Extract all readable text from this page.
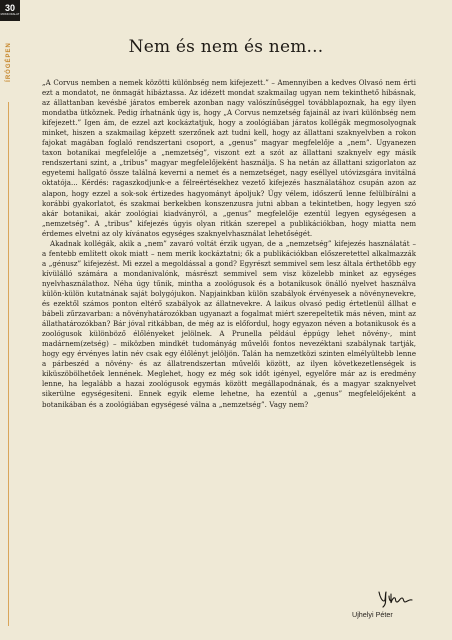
30
MOKKODALAT
ÍRÓGÉPEN	Nem és nem és nem...

„A Corvus nemben a nemek közötti különbség nem kifejezett.” – Amennyiben a kedves Olvasó nem érti ezt a mondatot, ne önmagát hibáztassa. Az idézett mondat szakmailag ugyan nem tekinthető hibásnak, az állattanban kevésbé járatos emberek azonban nagy valószínűséggel továbblapoznak, ha egy ilyen mondatba ütköznek. Pedig írhatnánk úgy is, hogy „A Corvus nemzetség fajainál az ivari különbség nem kifejezett.” Igen ám, de ezzel azt kockáztatjuk, hogy a zoológiában járatos kollégák megmosolyognak minket, hiszen a szakmailag képzett szerzőnek azt tudni kell, hogy az állattani szaknyelvben a rokon fajokat magában foglaló rendszertani csoport, a „genus” magyar megfelelője a „nem”. Ugyanezen taxon botanikai megfelelője a „nemzetség”, viszont ezt a szót az állattani szaknyelv egy másik rendszertani szint, a „tribus” magyar megfelelőjeként használja. S ha netán az állattani szigorlaton az egyetemi hallgató össze találná keverni a nemet és a nemzetséget, nagy eséllyel utóvizsgára invitálná oktatója... Kérdés: ragaszkodjunk-e a félreértésekhez vezető kifejezés használatához csupán azon az alapon, hogy ezzel a sok-sok értizedes hagyományt ápoljuk? Úgy vélem, időszerű lenne felülbírálni a korábbi gyakorlatot, és szakmai berkekben konszenzusra jutni abban a tekintetben, hogy legyen szó akár botanikai, akár zoológiai kiadványról, a „genus” megfelelője ezentúl legyen egységesen a „nemzetség”. A „tribus” kifejezés úgyis olyan ritkán szerepel a publikációkban, hogy miatta nem érdemes elvetni az oly kívánatos egységes szaknyelvhasználat lehetőségét.

Akadnak kollégák, akik a „nem” zavaró voltát érzik ugyan, de a „nemzetség” kifejezés használatát – a fentebb említett okok miatt – nem merik kockáztatni; ők a publikációkban előszeretettel alkalmazzák a „génusz” kifejezést. Mi ezzel a megoldással a gond? Egyrészt semmivel sem lesz általa érthetőbb egy kívülálló számára a mondanivalónk, másrészt semmivel sem visz közelebb minket az egységes nyelvhasználathoz. Néha úgy tűnik, mintha a zoológusok és a botanikusok önálló nyelvet használva külön-külön kutatnának saját bolygójukon. Napjainkban külön szabályok érvényesek a növénynevekre, és ezektől számos ponton eltérő szabályok az állatnevekre. A laikus olvasó pedig értetlenül állhat e bábeli zűrzavarban: a növényhatározókban ugyanazt a fogalmat miért szerepeltetik más néven, mint az állathatározókban? Bár jóval ritkábban, de még az is előfordul, hogy egyazon néven a botanikusok és a zoológusok különböző élőlényeket jelölnek. A Prunella például éppúgy lehet növény-, mint madárnem(zetség) – miközben mindkét tudományág művelői fontos nevezéktani szabálynak tartják, hogy egy érvényes latin név csak egy élőlényt jelöljön. Talán ha nemzetközi szinten elmélyültebb lenne a párbeszéd a növény- és az állatrendszertan művelői között, az ilyen következetlenségek is kiküszöbölhetőek lennének. Meglehet, hogy ez még sok időt igényel, egyelőre már az is eredmény lenne, ha legalább a hazai zoológusok egymás között megállapodnának, és a magyar szaknyelvet sikerülne egységesíteni. Ennek egyik eleme lehetne, ha ezentúl a „genus” megfelelőjeként a botanikában és a zoológiában egységesé válna a „nemzetség”. Vagy nem?

Ujhelyi Péter
